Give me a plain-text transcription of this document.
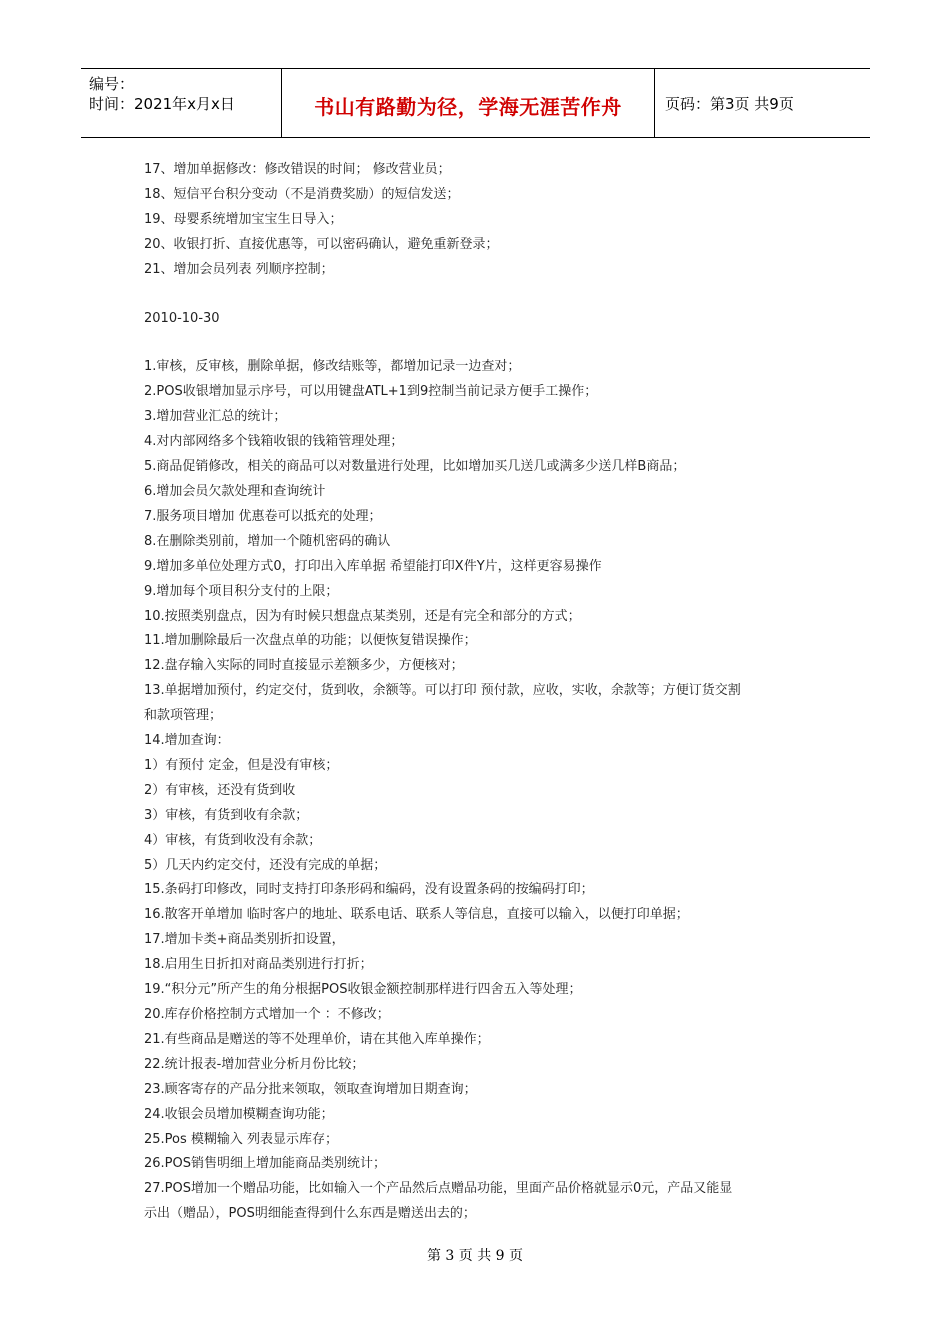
编号：
时间：2021年x月x日	书山有路勤为径，学海无涯苦作舟	页码：第3页 共9页
17、增加单据修改：修改错误的时间； 修改营业员；
18、短信平台积分变动（不是消费奖励）的短信发送；
19、母婴系统增加宝宝生日导入；
20、收银打折、直接优惠等，可以密码确认，避免重新登录；
21、增加会员列表 列顺序控制；
2010-10-30
1.审核，反审核，删除单据，修改结账等，都增加记录一边查对；
2.POS收银增加显示序号，可以用键盘ATL+1到9控制当前记录方便手工操作；
3.增加营业汇总的统计；
4.对内部网络多个钱箱收银的钱箱管理处理；
5.商品促销修改，相关的商品可以对数量进行处理，比如增加买几送几或满多少送几样B商品；
6.增加会员欠款处理和查询统计
7.服务项目增加 优惠卷可以抵充的处理；
8.在删除类别前，增加一个随机密码的确认
9.增加多单位处理方式0，打印出入库单据 希望能打印X件Y片，这样更容易操作
9.增加每个项目积分支付的上限；
10.按照类别盘点，因为有时候只想盘点某类别，还是有完全和部分的方式；
11.增加删除最后一次盘点单的功能；以便恢复错误操作；
12.盘存输入实际的同时直接显示差额多少，方便核对；
13.单据增加预付，约定交付，货到收，余额等。可以打印 预付款，应收，实收，余款等；方便订货交割
和款项管理；
14.增加查询：
1）有预付 定金，但是没有审核；
2）有审核，还没有货到收
3）审核，有货到收有余款；
4）审核，有货到收没有余款；
5）几天内约定交付，还没有完成的单据；
15.条码打印修改，同时支持打印条形码和编码，没有设置条码的按编码打印；
16.散客开单增加 临时客户的地址、联系电话、联系人等信息，直接可以输入，以便打印单据；
17.增加卡类+商品类别折扣设置，
18.启用生日折扣对商品类别进行打折；
19.“积分元”所产生的角分根据POS收银金额控制那样进行四舍五入等处理；
20.库存价格控制方式增加一个 ：不修改；
21.有些商品是赠送的等不处理单价，请在其他入库单操作；
22.统计报表-增加营业分析月份比较；
23.顾客寄存的产品分批来领取，领取查询增加日期查询；
24.收银会员增加模糊查询功能；
25.Pos 模糊输入 列表显示库存；
26.POS销售明细上增加能商品类别统计；
27.POS增加一个赠品功能，比如输入一个产品然后点赠品功能，里面产品价格就显示0元，产品又能显
示出（赠品），POS明细能查得到什么东西是赠送出去的；
第 3 页 共 9 页
